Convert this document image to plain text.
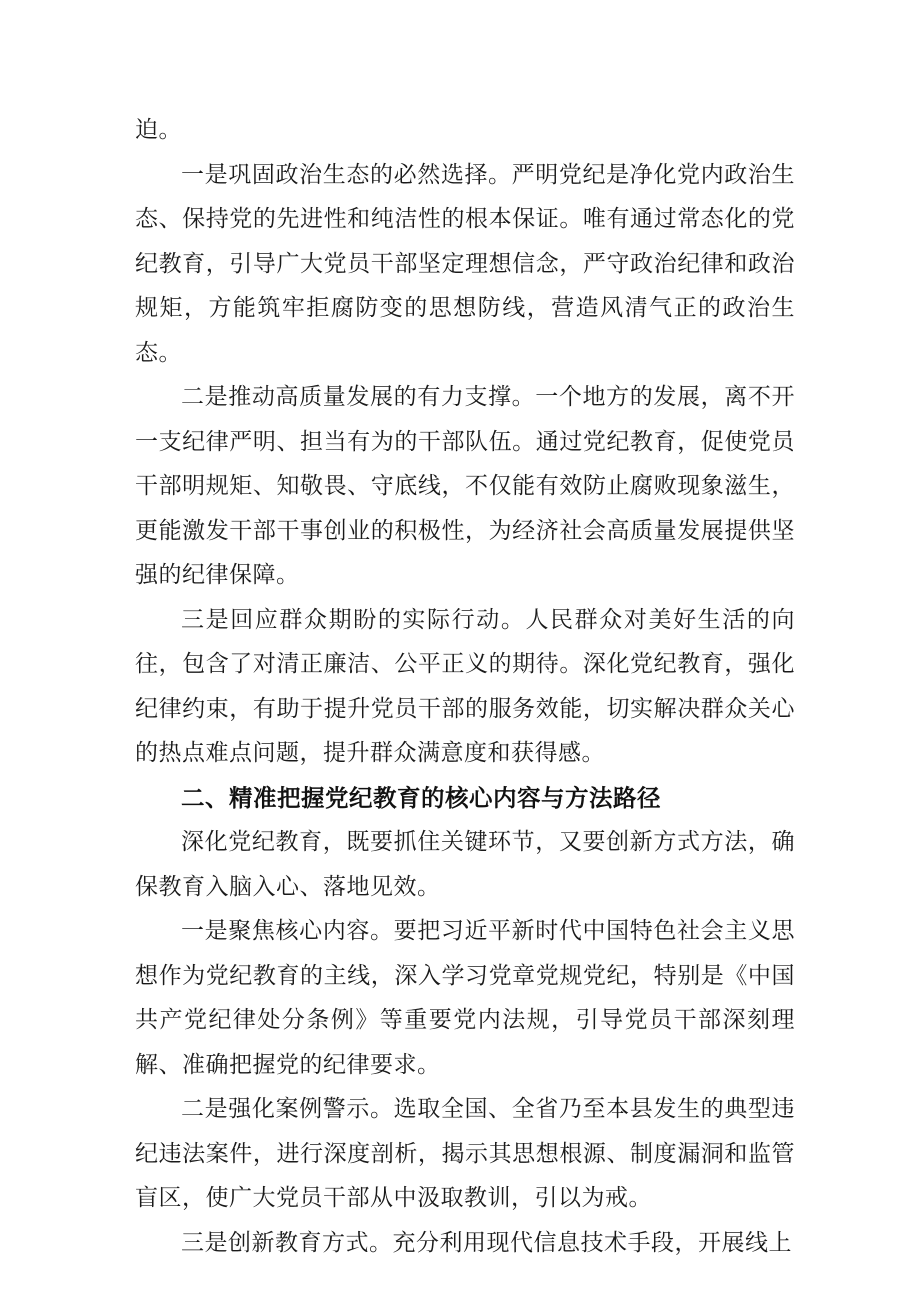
迫。

一是巩固政治生态的必然选择。严明党纪是净化党内政治生态、保持党的先进性和纯洁性的根本保证。唯有通过常态化的党纪教育，引导广大党员干部坚定理想信念，严守政治纪律和政治规矩，方能筑牢拒腐防变的思想防线，营造风清气正的政治生态。

二是推动高质量发展的有力支撑。一个地方的发展，离不开一支纪律严明、担当有为的干部队伍。通过党纪教育，促使党员干部明规矩、知敬畏、守底线，不仅能有效防止腐败现象滋生，更能激发干部干事创业的积极性，为经济社会高质量发展提供坚强的纪律保障。

三是回应群众期盼的实际行动。人民群众对美好生活的向往，包含了对清正廉洁、公平正义的期待。深化党纪教育，强化纪律约束，有助于提升党员干部的服务效能，切实解决群众关心的热点难点问题，提升群众满意度和获得感。

二、精准把握党纪教育的核心内容与方法路径

深化党纪教育，既要抓住关键环节，又要创新方式方法，确保教育入脑入心、落地见效。

一是聚焦核心内容。要把习近平新时代中国特色社会主义思想作为党纪教育的主线，深入学习党章党规党纪，特别是《中国共产党纪律处分条例》等重要党内法规，引导党员干部深刻理解、准确把握党的纪律要求。

二是强化案例警示。选取全国、全省乃至本县发生的典型违纪违法案件，进行深度剖析，揭示其思想根源、制度漏洞和监管盲区，使广大党员干部从中汲取教训，引以为戒。

三是创新教育方式。充分利用现代信息技术手段，开展线上
